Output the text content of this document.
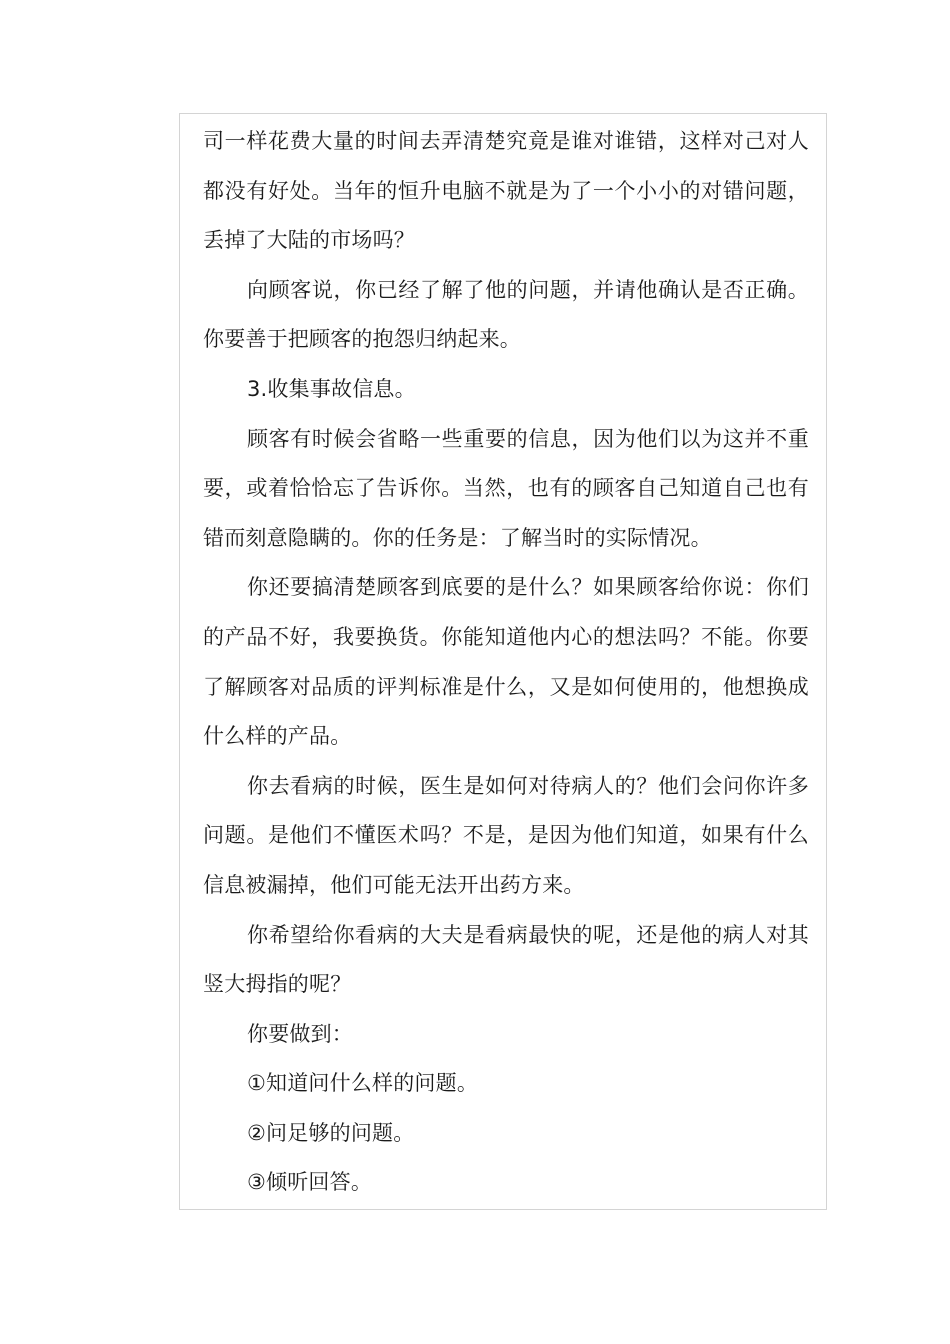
司一样花费大量的时间去弄清楚究竟是谁对谁错，这样对己对人都没有好处。当年的恒升电脑不就是为了一个小小的对错问题，丢掉了大陆的市场吗？

向顾客说，你已经了解了他的问题，并请他确认是否正确。你要善于把顾客的抱怨归纳起来。

3.收集事故信息。

顾客有时候会省略一些重要的信息，因为他们以为这并不重要，或着恰恰忘了告诉你。当然，也有的顾客自己知道自己也有错而刻意隐瞒的。你的任务是：了解当时的实际情况。

你还要搞清楚顾客到底要的是什么？如果顾客给你说：你们的产品不好，我要换货。你能知道他内心的想法吗？不能。你要了解顾客对品质的评判标准是什么，又是如何使用的，他想换成什么样的产品。

你去看病的时候，医生是如何对待病人的？他们会问你许多问题。是他们不懂医术吗？不是，是因为他们知道，如果有什么信息被漏掉，他们可能无法开出药方来。

你希望给你看病的大夫是看病最快的呢，还是他的病人对其竖大拇指的呢？

你要做到：

①知道问什么样的问题。

②问足够的问题。

③倾听回答。
